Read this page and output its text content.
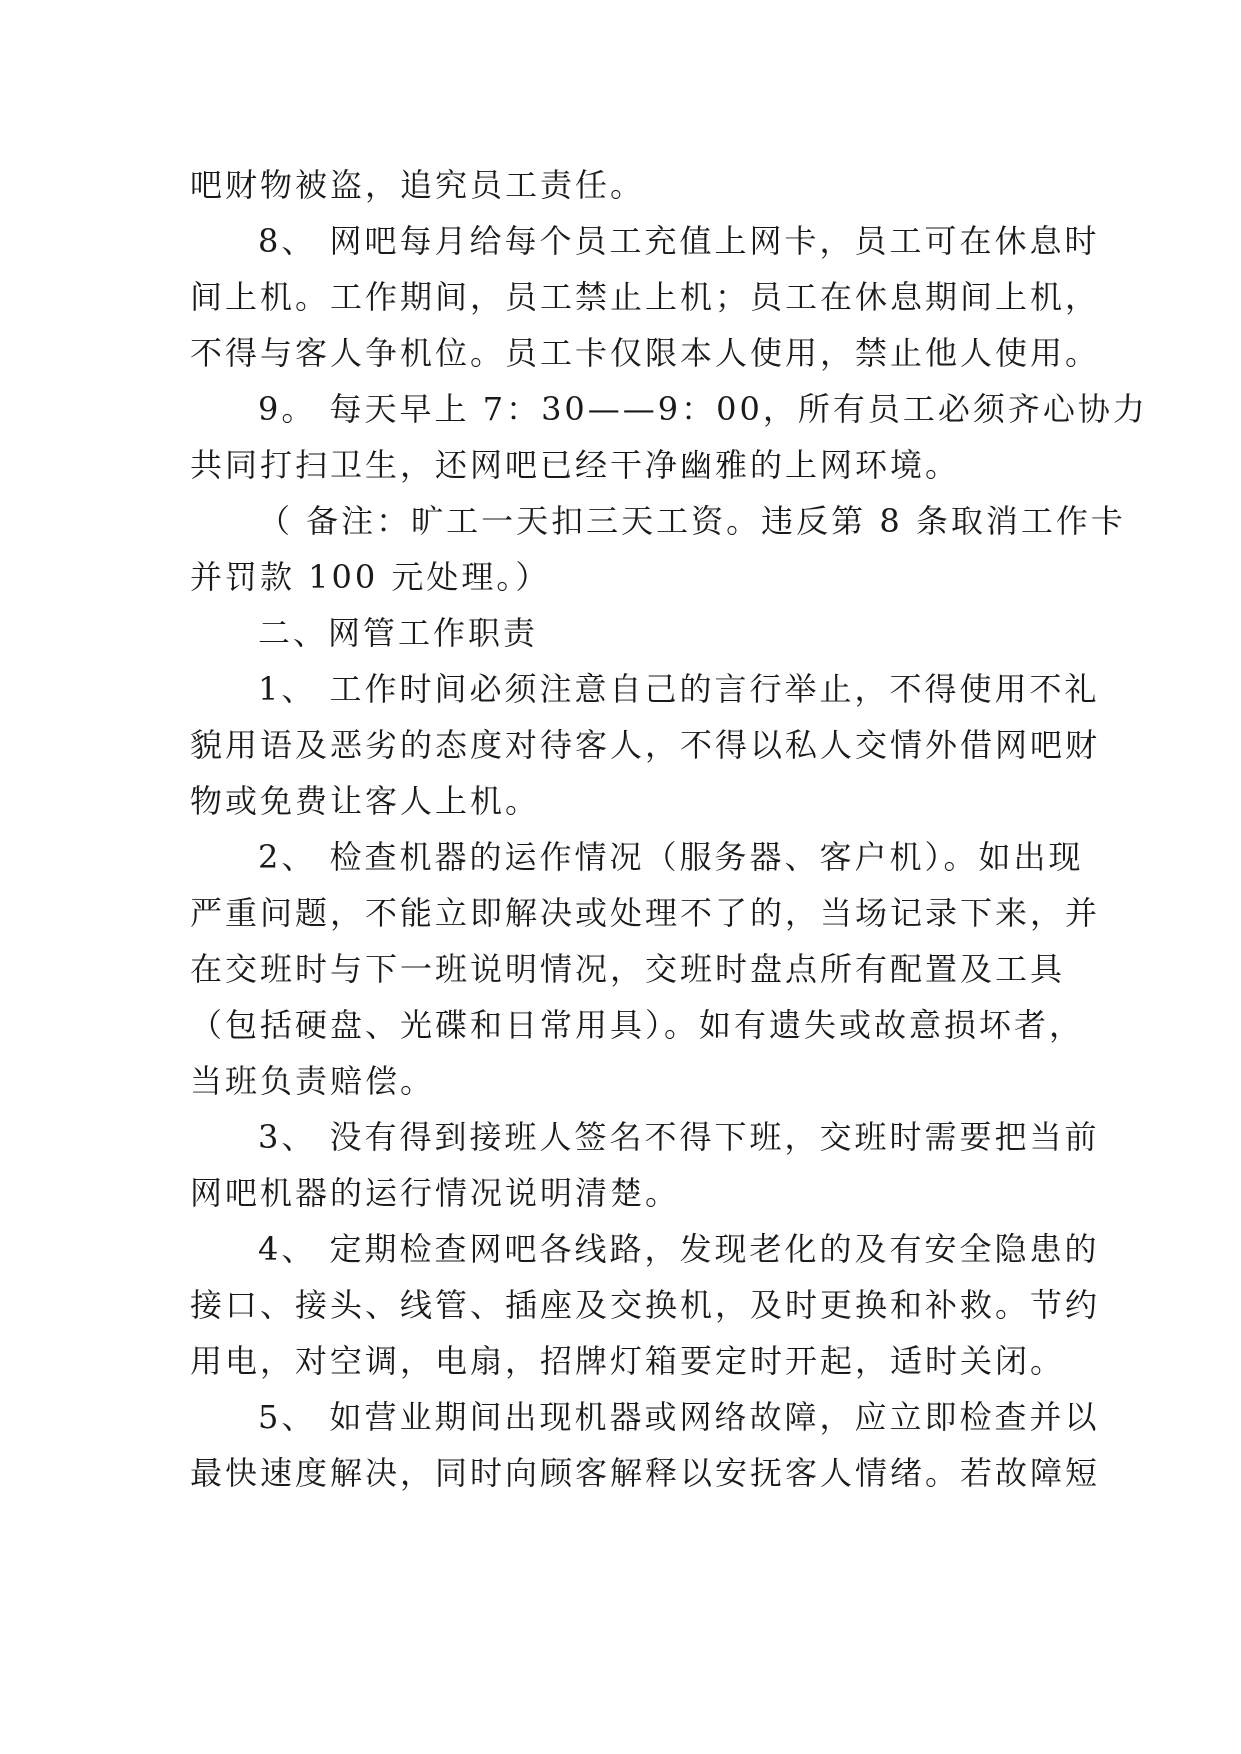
吧财物被盗，追究员工责任。
8、 网吧每月给每个员工充值上网卡，员工可在休息时
间上机。工作期间，员工禁止上机；员工在休息期间上机，
不得与客人争机位。员工卡仅限本人使用，禁止他人使用。
9。 每天早上 7：30——9：00，所有员工必须齐心协力
共同打扫卫生，还网吧已经干净幽雅的上网环境。
（ 备注：旷工一天扣三天工资。违反第 8 条取消工作卡
并罚款 100 元处理。）
二、网管工作职责
1、 工作时间必须注意自己的言行举止，不得使用不礼
貌用语及恶劣的态度对待客人，不得以私人交情外借网吧财
物或免费让客人上机。
2、 检查机器的运作情况（服务器、客户机）。如出现
严重问题，不能立即解决或处理不了的，当场记录下来，并
在交班时与下一班说明情况，交班时盘点所有配置及工具
（包括硬盘、光碟和日常用具）。如有遗失或故意损坏者，
当班负责赔偿。
3、 没有得到接班人签名不得下班，交班时需要把当前
网吧机器的运行情况说明清楚。
4、 定期检查网吧各线路，发现老化的及有安全隐患的
接口、接头、线管、插座及交换机，及时更换和补救。节约
用电，对空调，电扇，招牌灯箱要定时开起，适时关闭。
5、 如营业期间出现机器或网络故障，应立即检查并以
最快速度解决，同时向顾客解释以安抚客人情绪。若故障短
